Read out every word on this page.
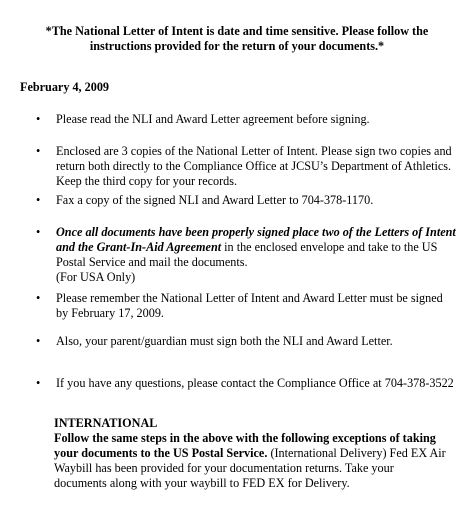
*The National Letter of Intent is date and time sensitive. Please follow the
instructions provided for the return of your documents.*
February 4, 2009
•
Please read the NLI and Award Letter agreement before signing.
•
Enclosed are 3 copies of the National Letter of Intent. Please sign two copies and
return both directly to the Compliance Office at JCSU’s Department of Athletics.
Keep the third copy for your records.
•
Fax a copy of the signed NLI and Award Letter to 704-378-1170.
•
Once all documents have been properly signed place two of the Letters of Intent
and the Grant-In-Aid Agreement in the enclosed envelope and take to the US
Postal Service and mail the documents.
(For USA Only)
•
Please remember the National Letter of Intent and Award Letter must be signed
by February 17, 2009.
•
Also, your parent/guardian must sign both the NLI and Award Letter.
•
If you have any questions, please contact the Compliance Office at 704-378-3522
INTERNATIONAL
Follow the same steps in the above with the following exceptions of taking
your documents to the US Postal Service. (International Delivery) Fed EX Air
Waybill has been provided for your documentation returns. Take your
documents along with your waybill to FED EX for Delivery.
